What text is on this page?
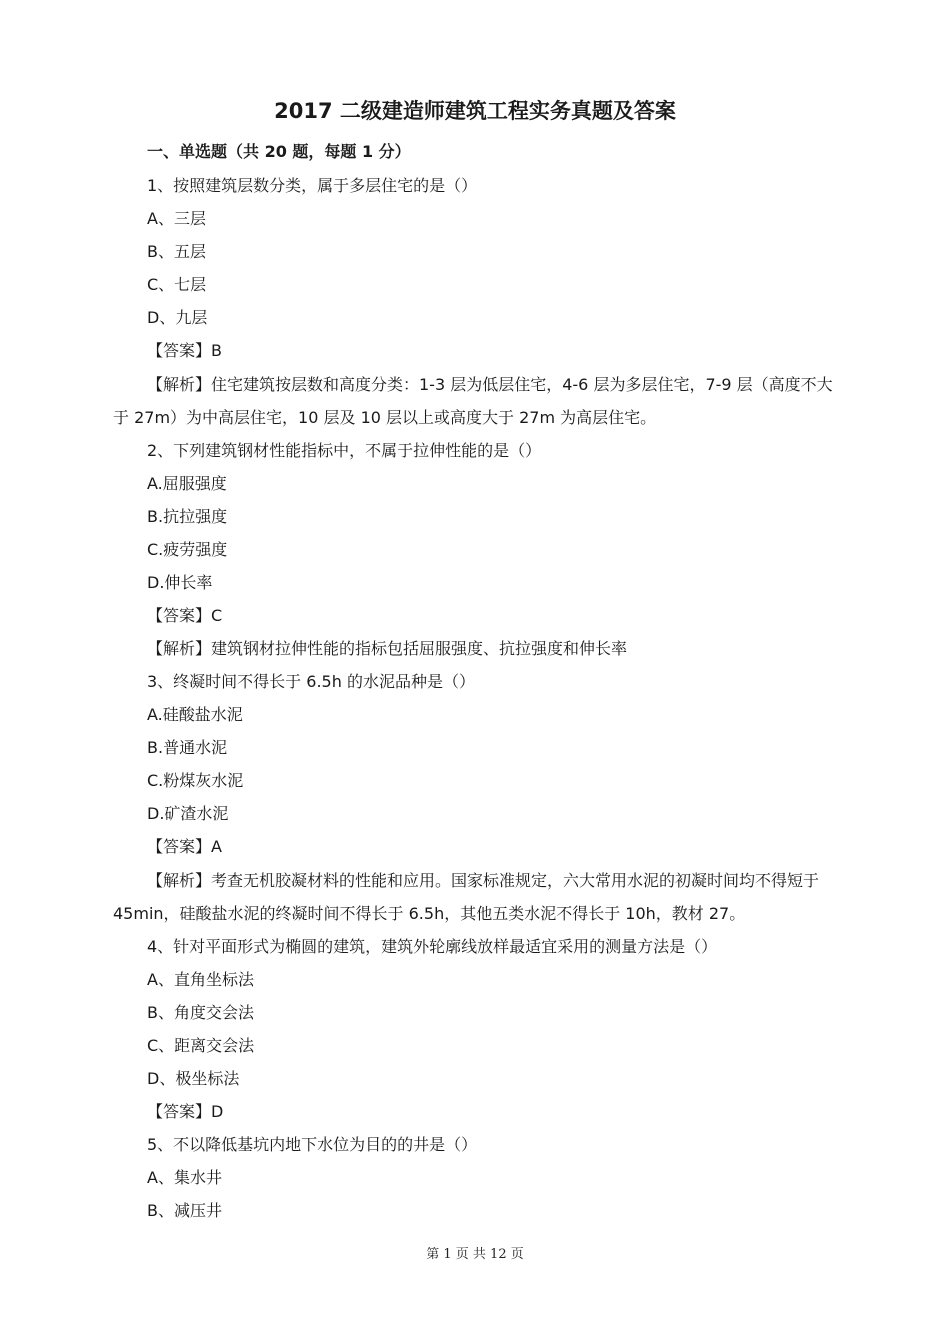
2017 二级建造师建筑工程实务真题及答案
一、单选题（共 20 题，每题 1 分）
1、按照建筑层数分类，属于多层住宅的是（）
A、三层
B、五层
C、七层
D、九层
【答案】B
【解析】住宅建筑按层数和高度分类：1-3 层为低层住宅，4-6 层为多层住宅，7-9 层（高度不大于 27m）为中高层住宅，10 层及 10 层以上或高度大于 27m 为高层住宅。
2、下列建筑钢材性能指标中，不属于拉伸性能的是（）
A.屈服强度
B.抗拉强度
C.疲劳强度
D.伸长率
【答案】C
【解析】建筑钢材拉伸性能的指标包括屈服强度、抗拉强度和伸长率
3、终凝时间不得长于 6.5h 的水泥品种是（）
A.硅酸盐水泥
B.普通水泥
C.粉煤灰水泥
D.矿渣水泥
【答案】A
【解析】考查无机胶凝材料的性能和应用。国家标准规定，六大常用水泥的初凝时间均不得短于 45min，硅酸盐水泥的终凝时间不得长于 6.5h，其他五类水泥不得长于 10h，教材 27。
4、针对平面形式为椭圆的建筑，建筑外轮廓线放样最适宜采用的测量方法是（）
A、直角坐标法
B、角度交会法
C、距离交会法
D、极坐标法
【答案】D
5、不以降低基坑内地下水位为目的的井是（）
A、集水井
B、减压井
第 1 页 共 12 页
